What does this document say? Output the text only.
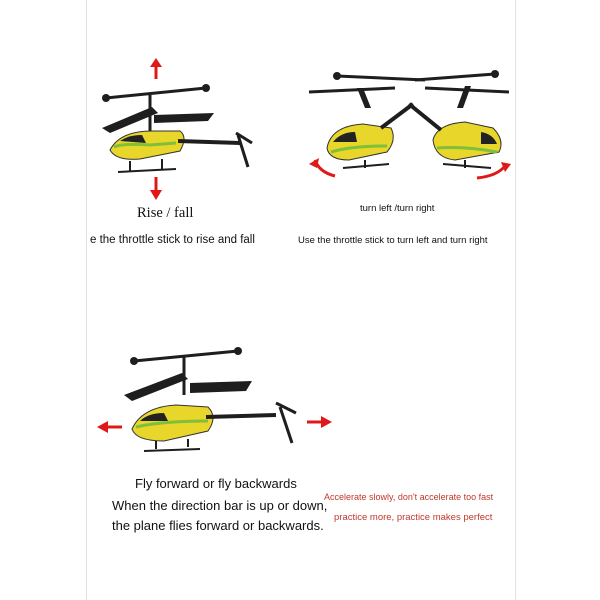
Rise / fall
e the throttle stick to rise and fall
turn left /turn right
Use the throttle stick to turn left and turn right
Fly forward or fly backwards
When the direction bar is up or down,
the plane flies forward or backwards.
Accelerate slowly, don't accelerate too fast
practice more, practice makes perfect
